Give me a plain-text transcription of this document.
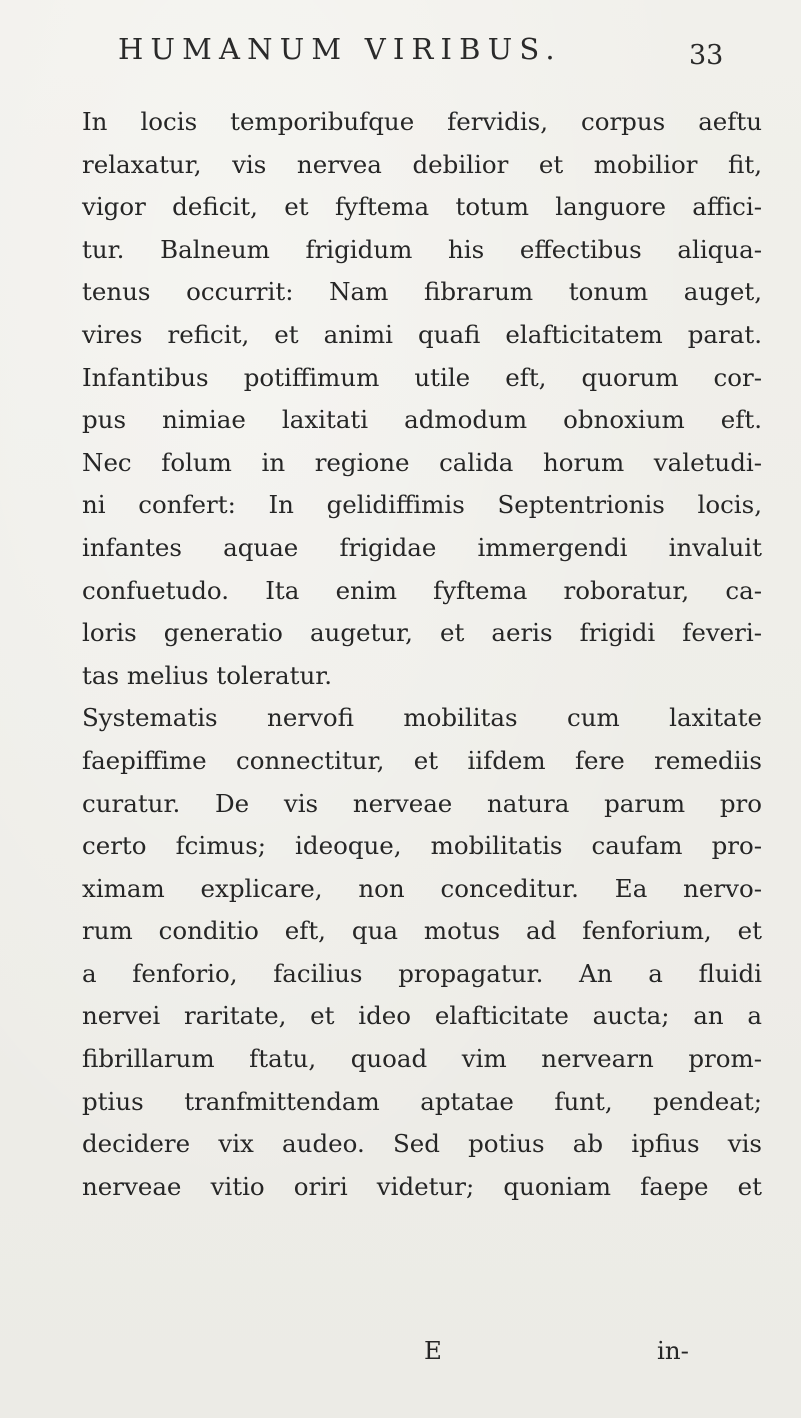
HUMANUM VIRIBUS.	33
In locis temporibufque fervidis, corpus aeftu
relaxatur, vis nervea debilior et mobilior fit,
vigor deficit, et fyftema totum languore affici-
tur. Balneum frigidum his effectibus aliqua-
tenus occurrit: Nam fibrarum tonum auget,
vires reficit, et animi quafi elafticitatem parat.
Infantibus potiffimum utile eft, quorum cor-
pus nimiae laxitati admodum obnoxium eft.
Nec folum in regione calida horum valetudi-
ni confert: In gelidiffimis Septentrionis locis,
infantes aquae frigidae immergendi invaluit
confuetudo. Ita enim fyftema roboratur, ca-
loris generatio augetur, et aeris frigidi feveri-
tas melius toleratur.
Systematis nervofi mobilitas cum laxitate
faepiffime connectitur, et iifdem fere remediis
curatur. De vis nerveae natura parum pro
certo fcimus; ideoque, mobilitatis caufam pro-
ximam explicare, non conceditur. Ea nervo-
rum conditio eft, qua motus ad fenforium, et
a fenforio, facilius propagatur. An a fluidi
nervei raritate, et ideo elafticitate aucta; an a
fibrillarum ftatu, quoad vim nervearn prom-
ptius tranfmittendam aptatae funt, pendeat;
decidere vix audeo. Sed potius ab ipfius vis
nerveae vitio oriri videtur; quoniam faepe et
E	in-
